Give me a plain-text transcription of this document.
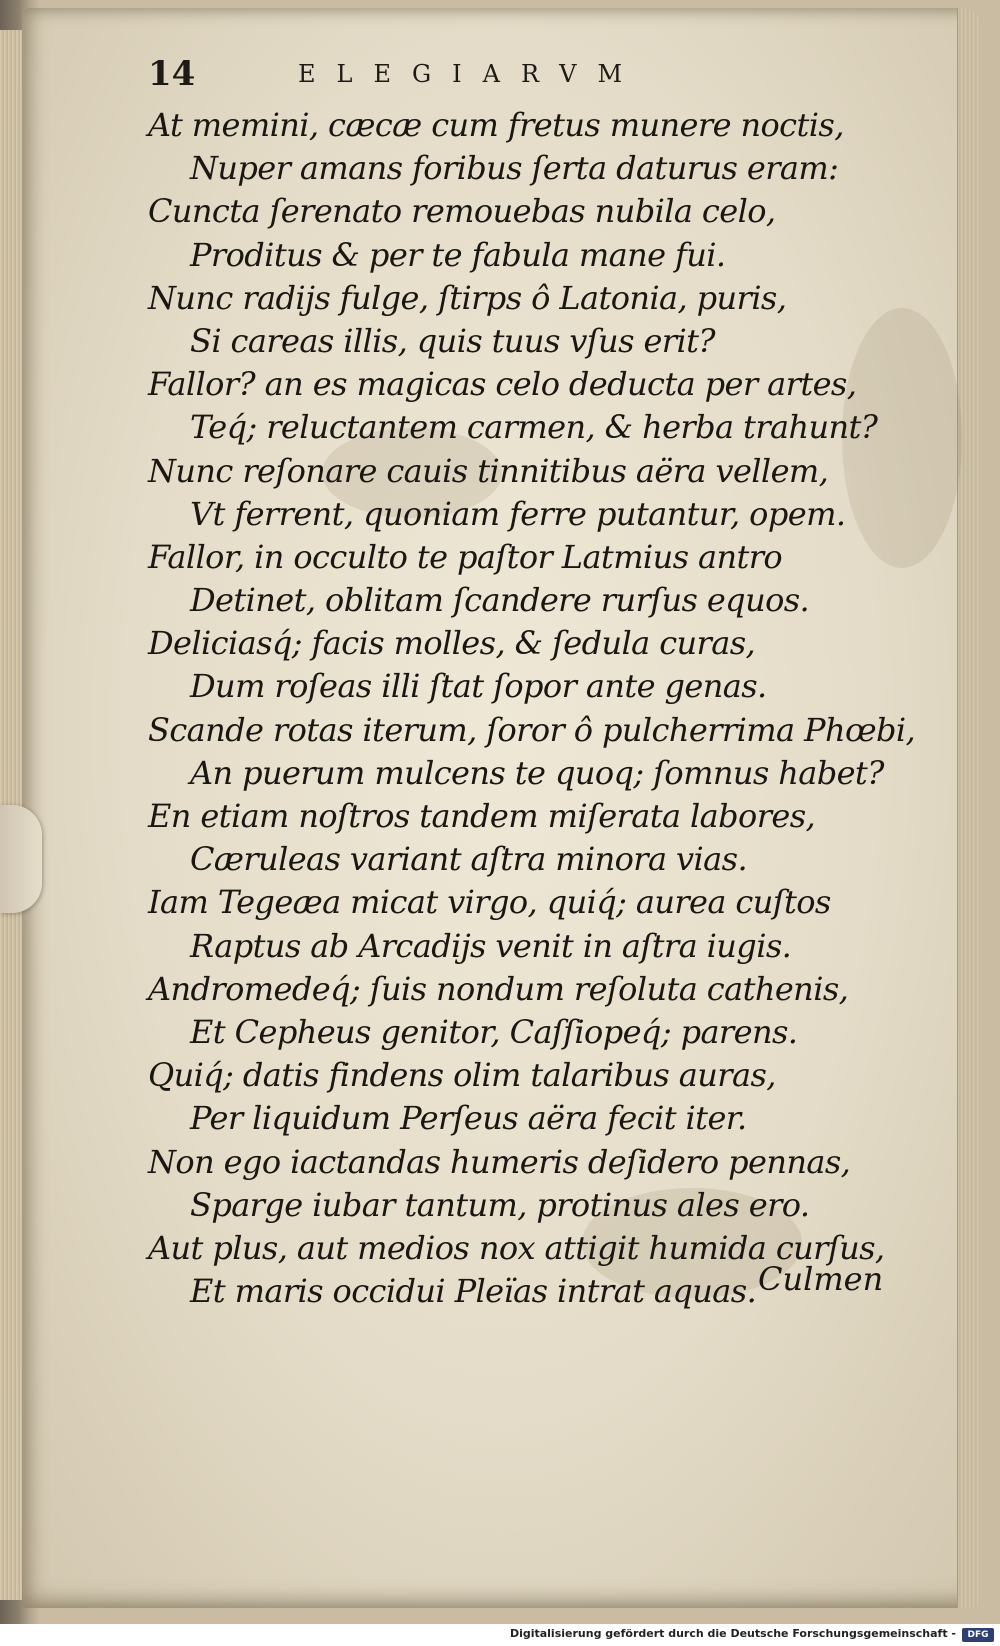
14	ELEGIARVM
At memini, cæcæ cum fretus munere noctis,
Nuper amans foribus ſerta daturus eram:
Cuncta ſerenato remouebas nubila celo,
Proditus & per te fabula mane fui.
Nunc radijs fulge, ſtirps ô Latonia, puris,
Si careas illis, quis tuus vſus erit?
Fallor? an es magicas celo deducta per artes,
Teq́; reluctantem carmen, & herba trahunt?
Nunc reſonare cauis tinnitibus aëra vellem,
Vt ferrent, quoniam ferre putantur, opem.
Fallor, in occulto te paſtor Latmius antro
Detinet, oblitam ſcandere rurſus equos.
Deliciasq́; facis molles, & ſedula curas,
Dum roſeas illi ſtat ſopor ante genas.
Scande rotas iterum, ſoror ô pulcherrima Phœbi,
An puerum mulcens te quoq; ſomnus habet?
En etiam noſtros tandem miſerata labores,
Cæruleas variant aſtra minora vias.
Iam Tegeæa micat virgo, quiq́; aurea cuſtos
Raptus ab Arcadijs venit in aſtra iugis.
Andromedeq́; ſuis nondum reſoluta cathenis,
Et Cepheus genitor, Caſſiopeq́; parens.
Quiq́; datis findens olim talaribus auras,
Per liquidum Perſeus aëra fecit iter.
Non ego iactandas humeris deſidero pennas,
Sparge iubar tantum, protinus ales ero.
Aut plus, aut medios nox attigit humida curſus,
Et maris occidui Pleïas intrat aquas. Culmen
Digitalisierung gefördert durch die Deutsche Forschungsgemeinschaft -	DFG
